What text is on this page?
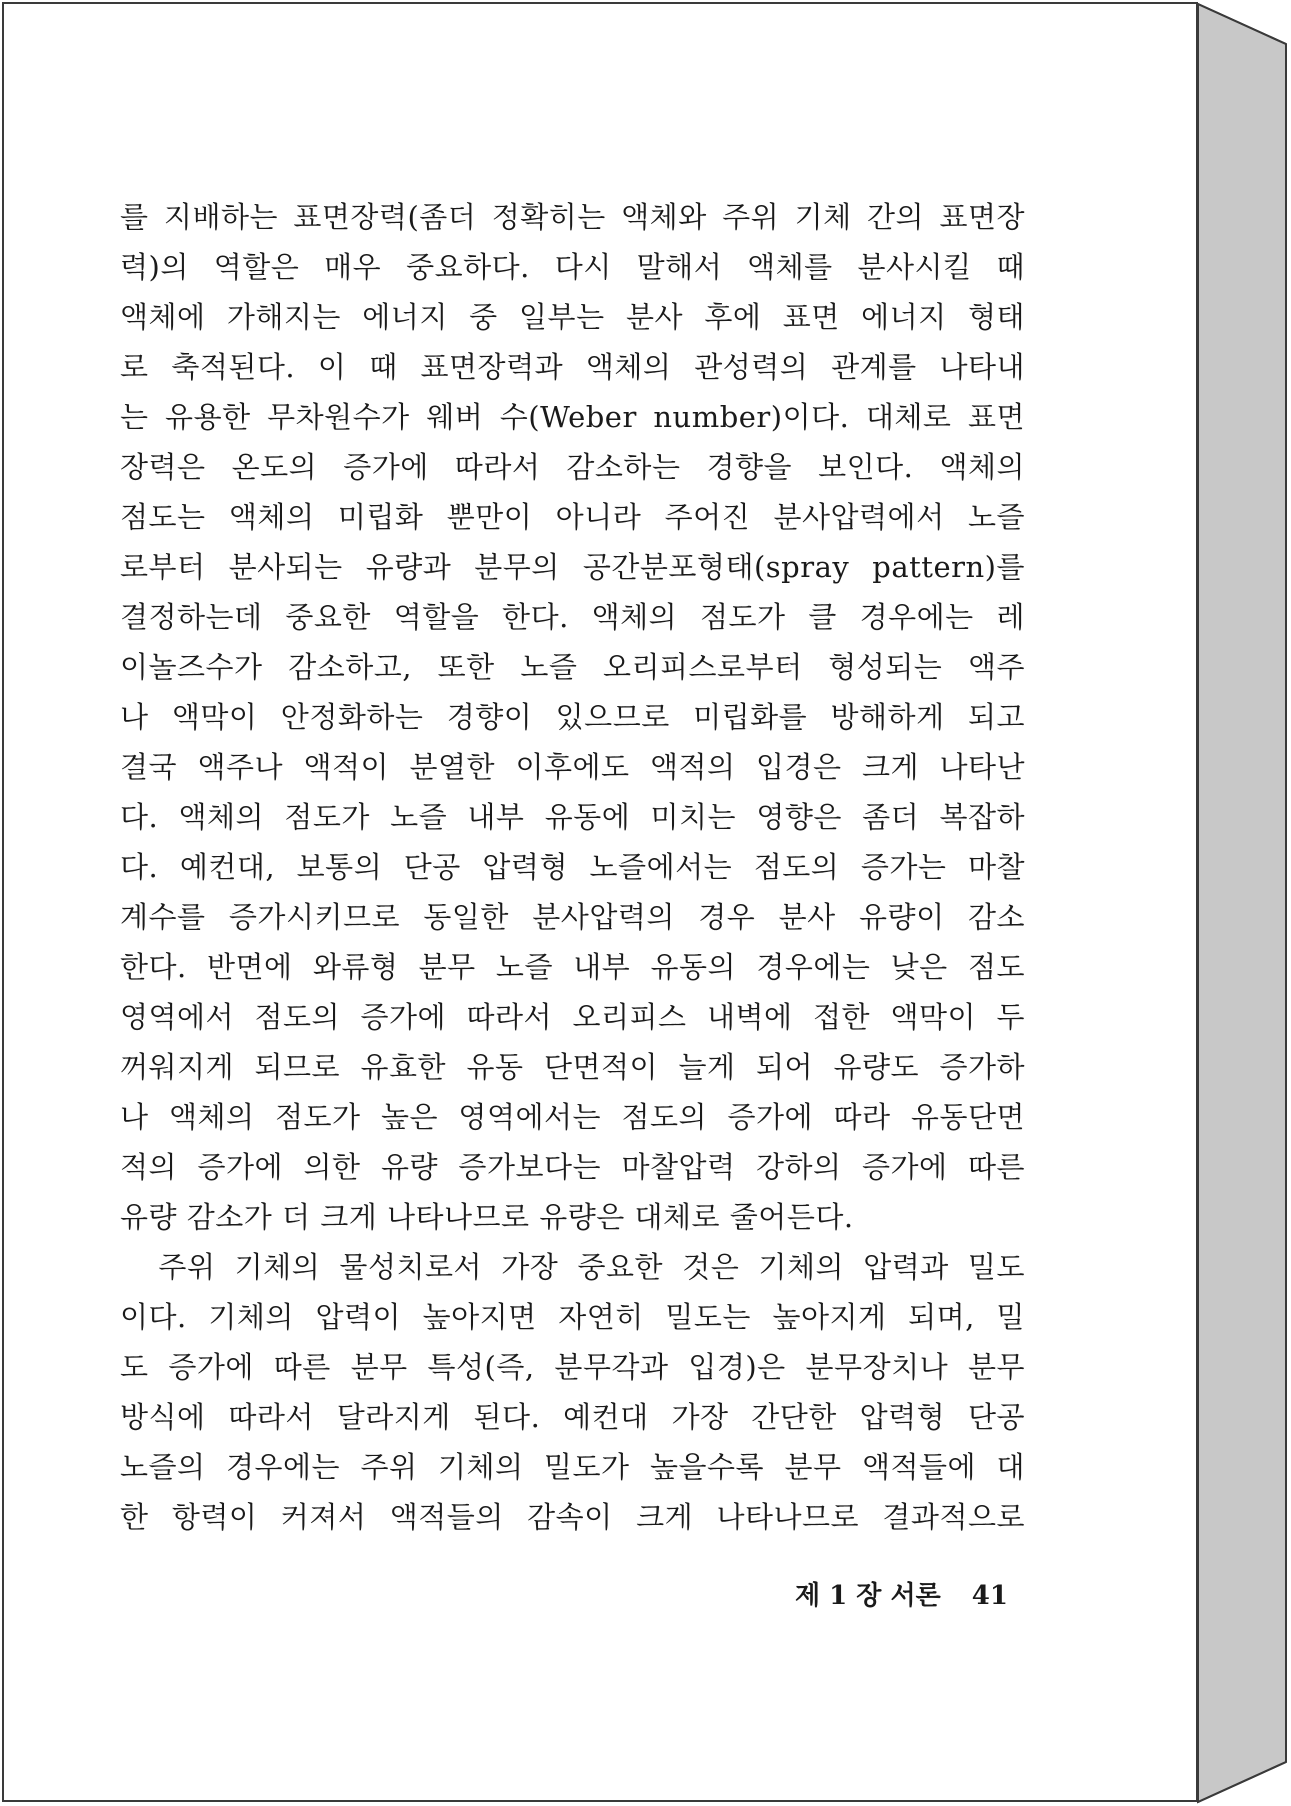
를 지배하는 표면장력(좀더 정확히는 액체와 주위 기체 간의 표면장
력)의 역할은 매우 중요하다. 다시 말해서 액체를 분사시킬 때
액체에 가해지는 에너지 중 일부는 분사 후에 표면 에너지 형태
로 축적된다. 이 때 표면장력과 액체의 관성력의 관계를 나타내
는 유용한 무차원수가 웨버 수(Weber number)이다. 대체로 표면
장력은 온도의 증가에 따라서 감소하는 경향을 보인다. 액체의
점도는 액체의 미립화 뿐만이 아니라 주어진 분사압력에서 노즐
로부터 분사되는 유량과 분무의 공간분포형태(spray pattern)를
결정하는데 중요한 역할을 한다. 액체의 점도가 클 경우에는 레
이놀즈수가 감소하고, 또한 노즐 오리피스로부터 형성되는 액주
나 액막이 안정화하는 경향이 있으므로 미립화를 방해하게 되고
결국 액주나 액적이 분열한 이후에도 액적의 입경은 크게 나타난
다. 액체의 점도가 노즐 내부 유동에 미치는 영향은 좀더 복잡하
다. 예컨대, 보통의 단공 압력형 노즐에서는 점도의 증가는 마찰
계수를 증가시키므로 동일한 분사압력의 경우 분사 유량이 감소
한다. 반면에 와류형 분무 노즐 내부 유동의 경우에는 낮은 점도
영역에서 점도의 증가에 따라서 오리피스 내벽에 접한 액막이 두
꺼워지게 되므로 유효한 유동 단면적이 늘게 되어 유량도 증가하
나 액체의 점도가 높은 영역에서는 점도의 증가에 따라 유동단면
적의 증가에 의한 유량 증가보다는 마찰압력 강하의 증가에 따른
유량 감소가 더 크게 나타나므로 유량은 대체로 줄어든다.
주위 기체의 물성치로서 가장 중요한 것은 기체의 압력과 밀도
이다. 기체의 압력이 높아지면 자연히 밀도는 높아지게 되며, 밀
도 증가에 따른 분무 특성(즉, 분무각과 입경)은 분무장치나 분무
방식에 따라서 달라지게 된다. 예컨대 가장 간단한 압력형 단공
노즐의 경우에는 주위 기체의 밀도가 높을수록 분무 액적들에 대
한 항력이 커져서 액적들의 감속이 크게 나타나므로 결과적으로
제 1 장 서론 41
